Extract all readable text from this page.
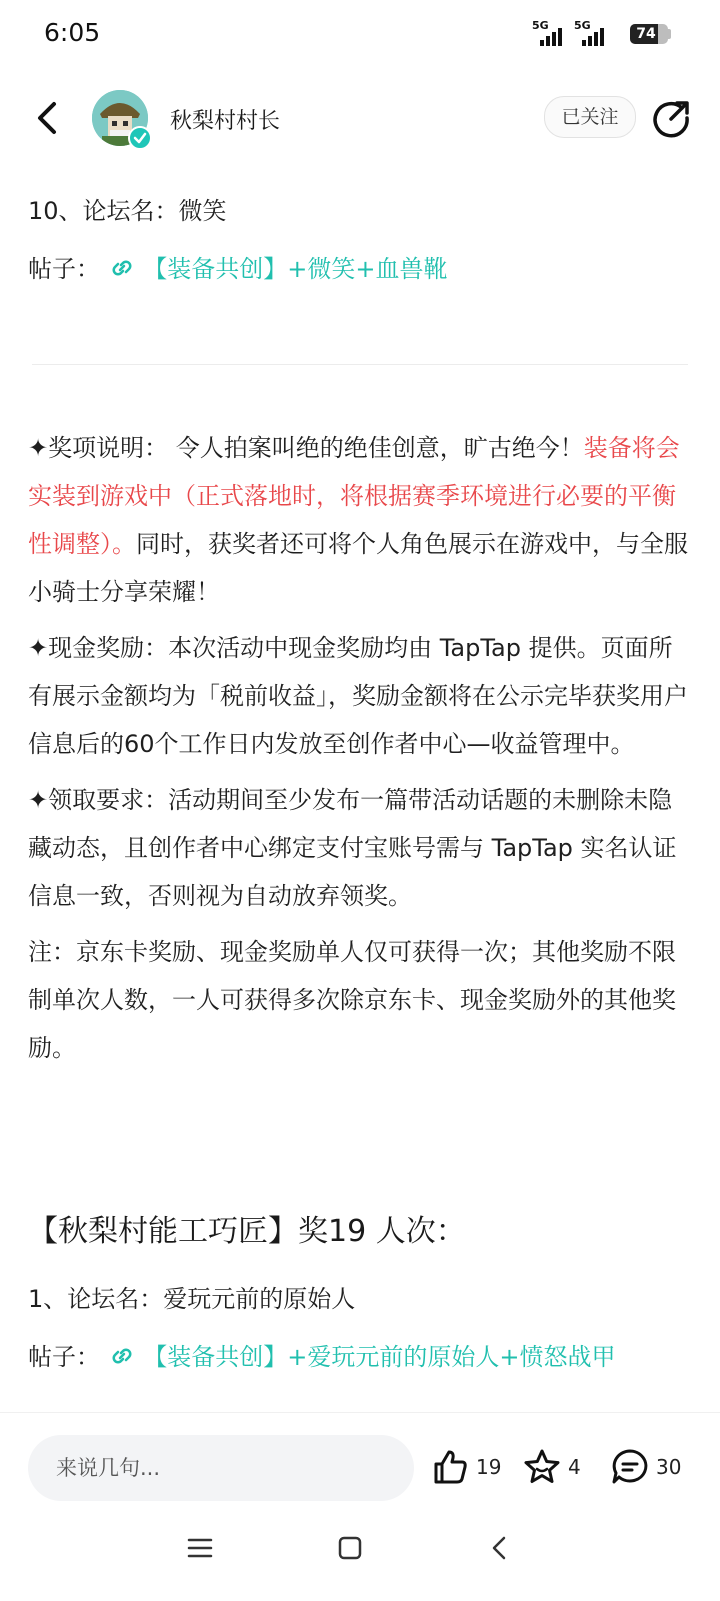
6:05	5G 5G
74
秋梨村村长	已关注
10、论坛名：微笑
帖子： 【装备共创】+微笑+血兽靴

✦奖项说明： 令人拍案叫绝的绝佳创意，旷古绝今！装备将会实装到游戏中（正式落地时，将根据赛季环境进行必要的平衡性调整）。同时，获奖者还可将个人角色展示在游戏中，与全服小骑士分享荣耀！

✦现金奖励：本次活动中现金奖励均由 TapTap 提供。页面所有展示金额均为「税前收益」，奖励金额将在公示完毕获奖用户信息后的60个工作日内发放至创作者中心—收益管理中。

✦领取要求：活动期间至少发布一篇带活动话题的未删除未隐藏动态，且创作者中心绑定支付宝账号需与 TapTap 实名认证信息一致，否则视为自动放弃领奖。

注：京东卡奖励、现金奖励单人仅可获得一次；其他奖励不限制单次人数，一人可获得多次除京东卡、现金奖励外的其他奖励。

【秋梨村能工巧匠】奖19 人次：
1、论坛名：爱玩元前的原始人
帖子： 【装备共创】+爱玩元前的原始人+愤怒战甲
来说几句...	19	4	30
